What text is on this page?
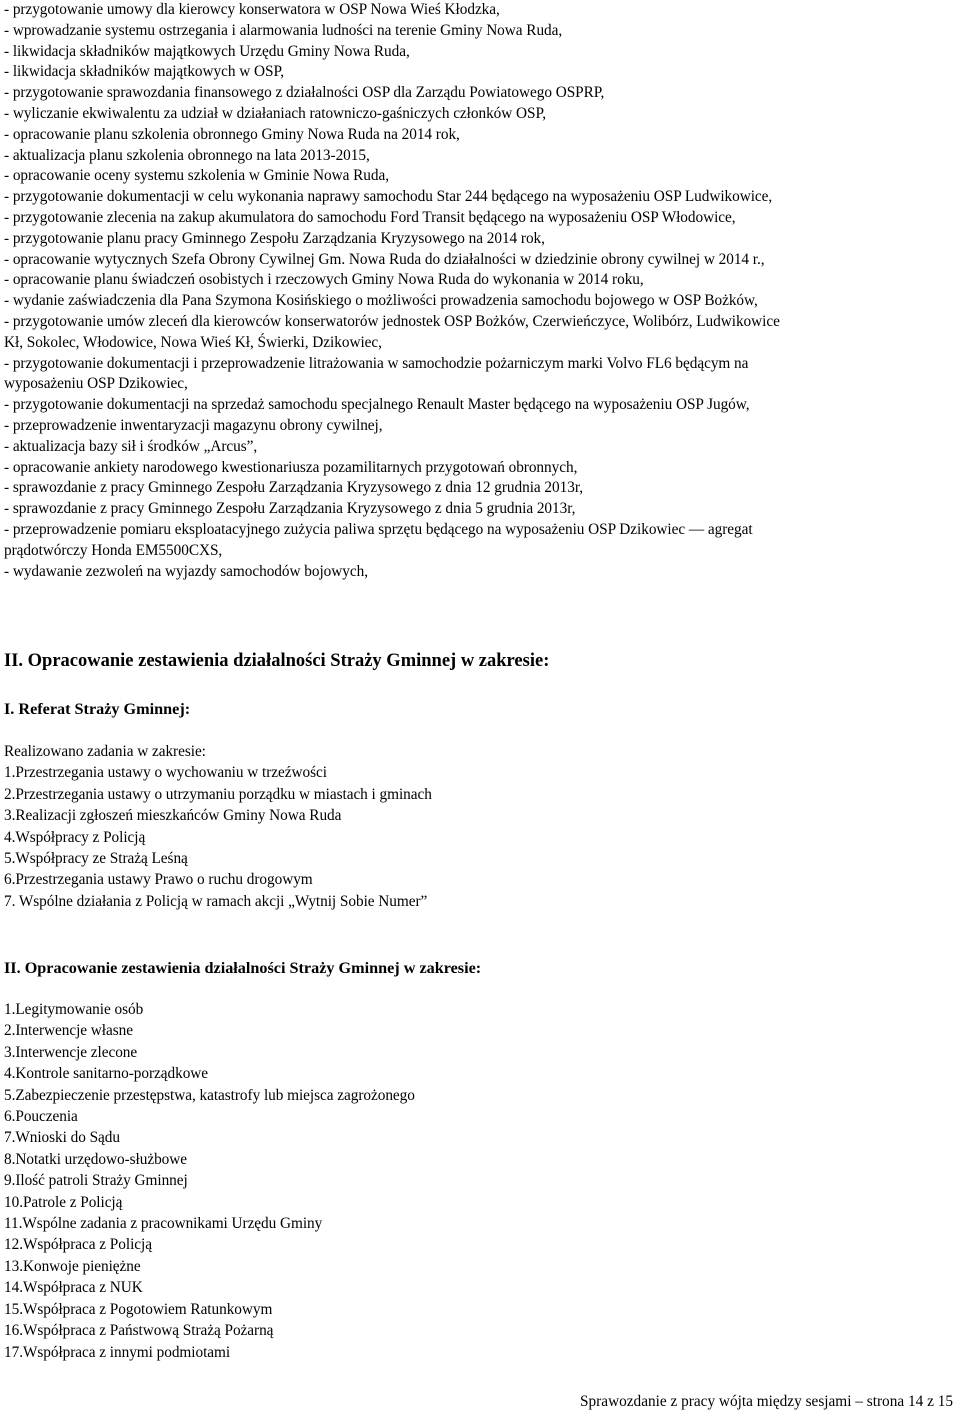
- przygotowanie umowy dla kierowcy konserwatora w OSP Nowa Wieś Kłodzka,
- wprowadzanie systemu ostrzegania i alarmowania ludności na terenie Gminy Nowa Ruda,
- likwidacja składników majątkowych Urzędu Gminy Nowa Ruda,
- likwidacja składników majątkowych w OSP,
- przygotowanie sprawozdania finansowego z działalności OSP dla Zarządu Powiatowego OSPRP,
- wyliczanie ekwiwalentu za udział w działaniach ratowniczo-gaśniczych członków OSP,
- opracowanie planu szkolenia obronnego Gminy Nowa Ruda na 2014 rok,
- aktualizacja planu szkolenia obronnego na lata 2013-2015,
- opracowanie oceny systemu szkolenia w Gminie Nowa Ruda,
- przygotowanie dokumentacji w celu wykonania naprawy samochodu Star 244 będącego na wyposażeniu OSP Ludwikowice,
- przygotowanie zlecenia na zakup akumulatora do samochodu Ford Transit będącego na wyposażeniu OSP Włodowice,
- przygotowanie planu pracy Gminnego Zespołu Zarządzania Kryzysowego na 2014 rok,
- opracowanie wytycznych Szefa Obrony Cywilnej Gm. Nowa Ruda do działalności w dziedzinie obrony cywilnej w 2014 r.,
- opracowanie planu świadczeń osobistych i rzeczowych Gminy Nowa Ruda do wykonania w 2014 roku,
- wydanie zaświadczenia dla Pana Szymona Kosińskiego o możliwości prowadzenia samochodu bojowego w OSP Bożków,
- przygotowanie umów zleceń dla kierowców konserwatorów jednostek OSP Bożków, Czerwieńczyce, Wolibórz, Ludwikowice
Kł, Sokolec, Włodowice, Nowa Wieś Kł, Świerki, Dzikowiec,
- przygotowanie dokumentacji i przeprowadzenie litrażowania w samochodzie pożarniczym marki Volvo FL6 będącym na
wyposażeniu OSP Dzikowiec,
- przygotowanie dokumentacji na sprzedaż samochodu specjalnego Renault Master będącego na wyposażeniu OSP Jugów,
- przeprowadzenie inwentaryzacji magazynu obrony cywilnej,
- aktualizacja bazy sił i środków „Arcus”,
- opracowanie ankiety narodowego kwestionariusza pozamilitarnych przygotowań obronnych,
- sprawozdanie z pracy Gminnego Zespołu Zarządzania Kryzysowego z dnia 12 grudnia 2013r,
- sprawozdanie z pracy Gminnego Zespołu Zarządzania Kryzysowego z dnia 5 grudnia 2013r,
- przeprowadzenie pomiaru eksploatacyjnego zużycia paliwa sprzętu będącego na wyposażeniu OSP Dzikowiec — agregat
prądotwórczy Honda EM5500CXS,
- wydawanie zezwoleń na wyjazdy samochodów bojowych,
II. Opracowanie zestawienia działalności Straży Gminnej w zakresie:
I. Referat Straży Gminnej:
Realizowano zadania w zakresie:
1.Przestrzegania ustawy o wychowaniu w trzeźwości
2.Przestrzegania ustawy o utrzymaniu porządku w miastach i gminach
3.Realizacji zgłoszeń mieszkańców Gminy Nowa Ruda
4.Współpracy z Policją
5.Współpracy ze Strażą Leśną
6.Przestrzegania ustawy Prawo o ruchu drogowym
7. Wspólne działania z Policją w ramach akcji „Wytnij Sobie Numer”
II. Opracowanie zestawienia działalności Straży Gminnej w zakresie:
1.Legitymowanie osób
2.Interwencje własne
3.Interwencje zlecone
4.Kontrole sanitarno-porządkowe
5.Zabezpieczenie przestępstwa, katastrofy lub miejsca zagrożonego
6.Pouczenia
7.Wnioski do Sądu
8.Notatki urzędowo-służbowe
9.Ilość patroli Straży Gminnej
10.Patrole z Policją
11.Wspólne zadania z pracownikami Urzędu Gminy
12.Współpraca z Policją
13.Konwoje pieniężne
14.Współpraca z NUK
15.Współpraca z Pogotowiem Ratunkowym
16.Współpraca z Państwową Strażą Pożarną
17.Współpraca z innymi podmiotami
Sprawozdanie z pracy wójta między sesjami – strona 14 z 15
